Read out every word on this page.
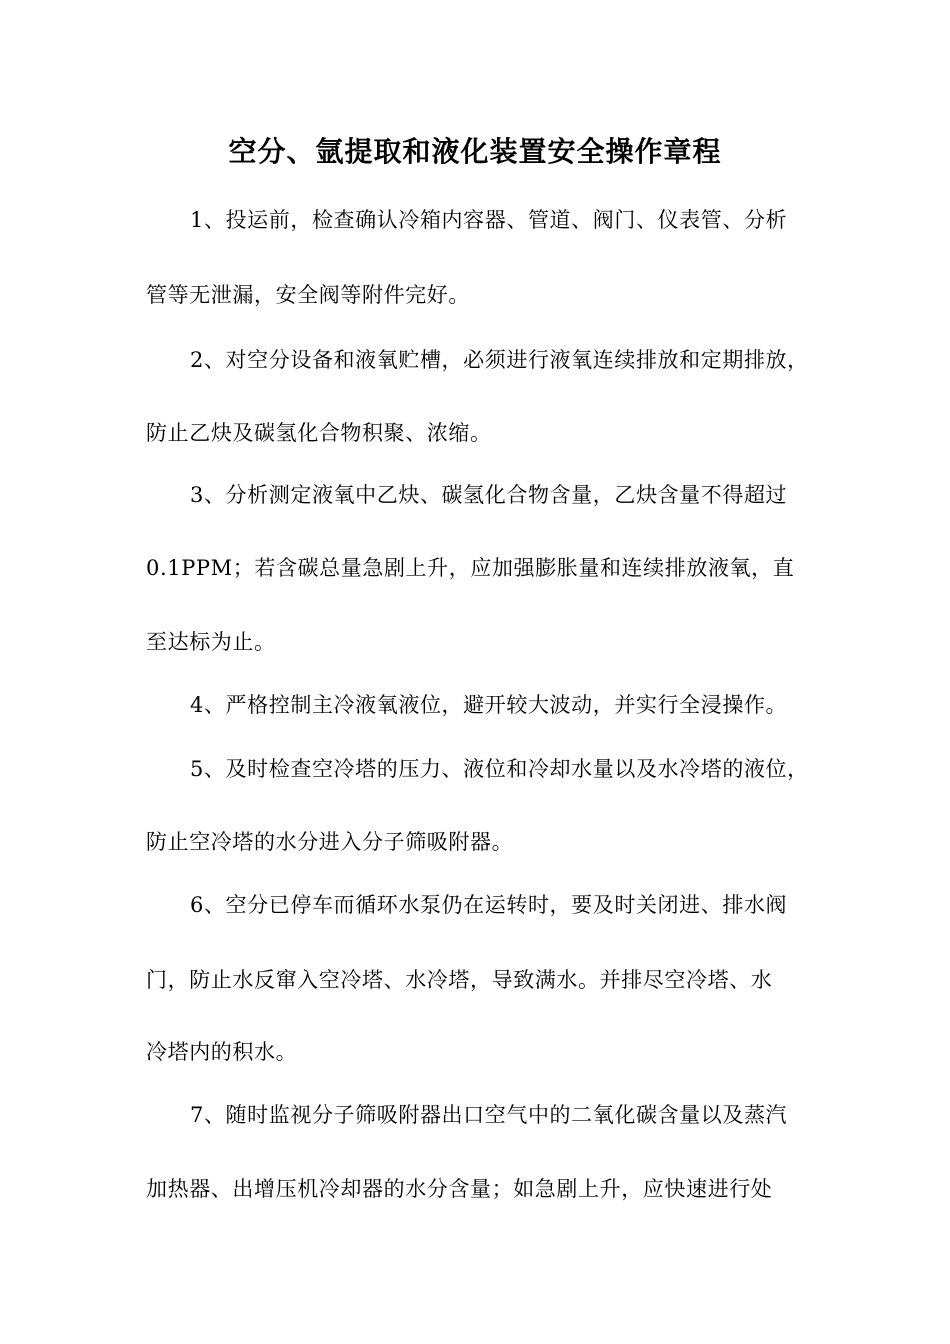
空分、氩提取和液化装置安全操作章程
1、投运前，检查确认冷箱内容器、管道、阀门、仪表管、分析
管等无泄漏，安全阀等附件完好。
2、对空分设备和液氧贮槽，必须进行液氧连续排放和定期排放，
防止乙炔及碳氢化合物积聚、浓缩。
3、分析测定液氧中乙炔、碳氢化合物含量，乙炔含量不得超过
0.1PPM；若含碳总量急剧上升，应加强膨胀量和连续排放液氧，直
至达标为止。
4、严格控制主冷液氧液位，避开较大波动，并实行全浸操作。
5、及时检查空冷塔的压力、液位和冷却水量以及水冷塔的液位，
防止空冷塔的水分进入分子筛吸附器。
6、空分已停车而循环水泵仍在运转时，要及时关闭进、排水阀
门，防止水反窜入空冷塔、水冷塔，导致满水。并排尽空冷塔、水
冷塔内的积水。
7、随时监视分子筛吸附器出口空气中的二氧化碳含量以及蒸汽
加热器、出增压机冷却器的水分含量；如急剧上升，应快速进行处
